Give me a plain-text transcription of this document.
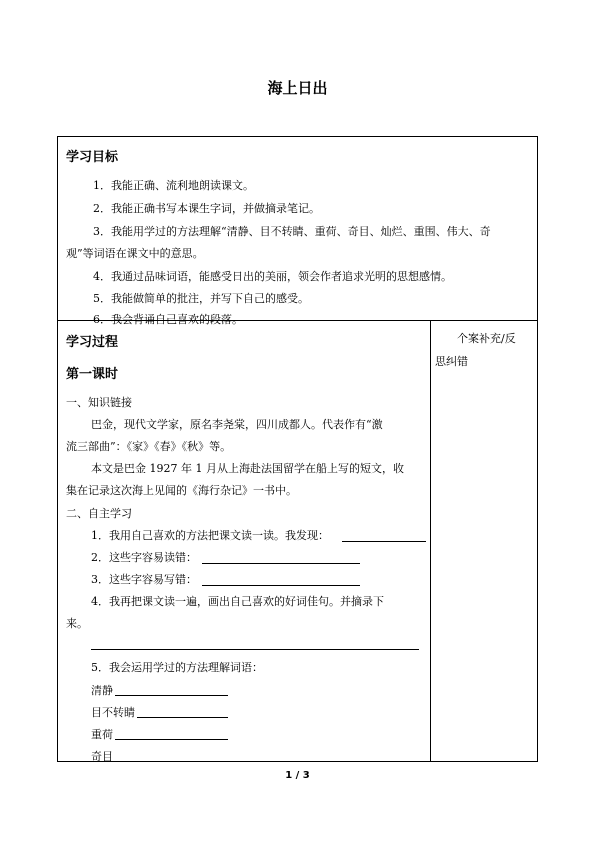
海上日出
学习目标
1．我能正确、流利地朗读课文。
2．我能正确书写本课生字词，并做摘录笔记。
3．我能用学过的方法理解“清静、目不转睛、重荷、奇目、灿烂、重围、伟大、奇
观”等词语在课文中的意思。
4．我通过品味词语，能感受日出的美丽，领会作者追求光明的思想感情。
5．我能做简单的批注，并写下自己的感受。
6．我会背诵自己喜欢的段落。
学习过程
第一课时
一、知识链接
巴金，现代文学家，原名李尧棠，四川成都人。代表作有“激
流三部曲”：《家》《春》《秋》等。
本文是巴金 1927 年 1 月从上海赴法国留学在船上写的短文，收
集在记录这次海上见闻的《海行杂记》一书中。
二、自主学习
1．我用自己喜欢的方法把课文读一读。我发现：
2．这些字容易读错：
3．这些字容易写错：
4．我再把课文读一遍，画出自己喜欢的好词佳句。并摘录下
来。
5．我会运用学过的方法理解词语：
清静
目不转睛
重荷
奇目
个案补充/反
思纠错
1 / 3
